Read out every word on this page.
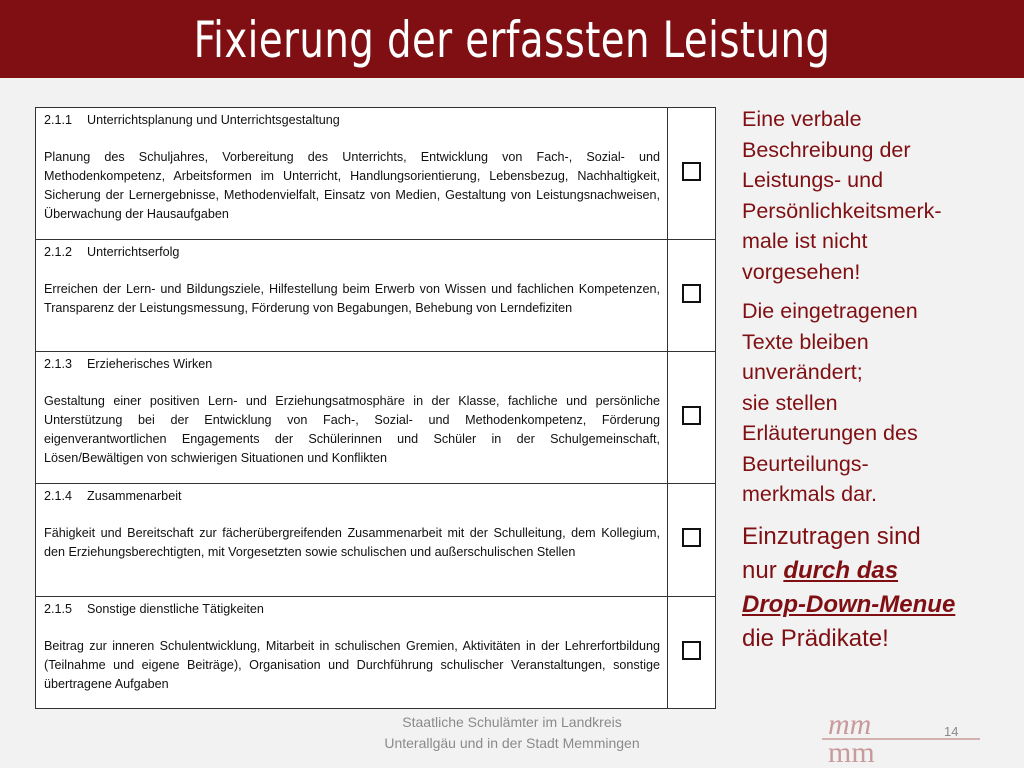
Fixierung der erfassten Leistung
2.1.1 Unterrichtsplanung und Unterrichtsgestaltung
Planung des Schuljahres, Vorbereitung des Unterrichts, Entwicklung von Fach-, Sozial- und Methodenkompetenz, Arbeitsformen im Unterricht, Handlungsorientierung, Lebensbezug, Nachhaltigkeit, Sicherung der Lernergebnisse, Methodenvielfalt, Einsatz von Medien, Gestaltung von Leistungsnachweisen, Überwachung der Hausaufgaben	

2.1.2 Unterrichtserfolg
Erreichen der Lern- und Bildungsziele, Hilfestellung beim Erwerb von Wissen und fachlichen Kompetenzen, Transparenz der Leistungsmessung, Förderung von Begabungen, Behebung von Lerndefiziten	

2.1.3 Erzieherisches Wirken
Gestaltung einer positiven Lern- und Erziehungsatmosphäre in der Klasse, fachliche und persönliche Unterstützung bei der Entwicklung von Fach-, Sozial- und Methodenkompetenz, Förderung eigenverantwortlichen Engagements der Schülerinnen und Schüler in der Schulgemeinschaft, Lösen/Bewältigen von schwierigen Situationen und Konflikten	

2.1.4 Zusammenarbeit
Fähigkeit und Bereitschaft zur fächerübergreifenden Zusammenarbeit mit der Schulleitung, dem Kollegium, den Erziehungsberechtigten, mit Vorgesetzten sowie schulischen und außerschulischen Stellen	

2.1.5 Sonstige dienstliche Tätigkeiten
Beitrag zur inneren Schulentwicklung, Mitarbeit in schulischen Gremien, Aktivitäten in der Lehrerfortbildung (Teilnahme und eigene Beiträge), Organisation und Durchführung schulischer Veranstaltungen, sonstige übertragene Aufgaben	

Eine verbale
Beschreibung der
Leistungs- und
Persönlichkeitsmerk-
male ist nicht
vorgesehen!

Die eingetragenen
Texte bleiben
unverändert;
sie stellen
Erläuterungen des
Beurteilungs-
merkmals dar.

Einzutragen sind
nur durch das
Drop-Down-Menue
die Prädikate!

Staatliche Schulämter im Landkreis
Unterallgäu und in der Stadt Memmingen
mm
mm
14
